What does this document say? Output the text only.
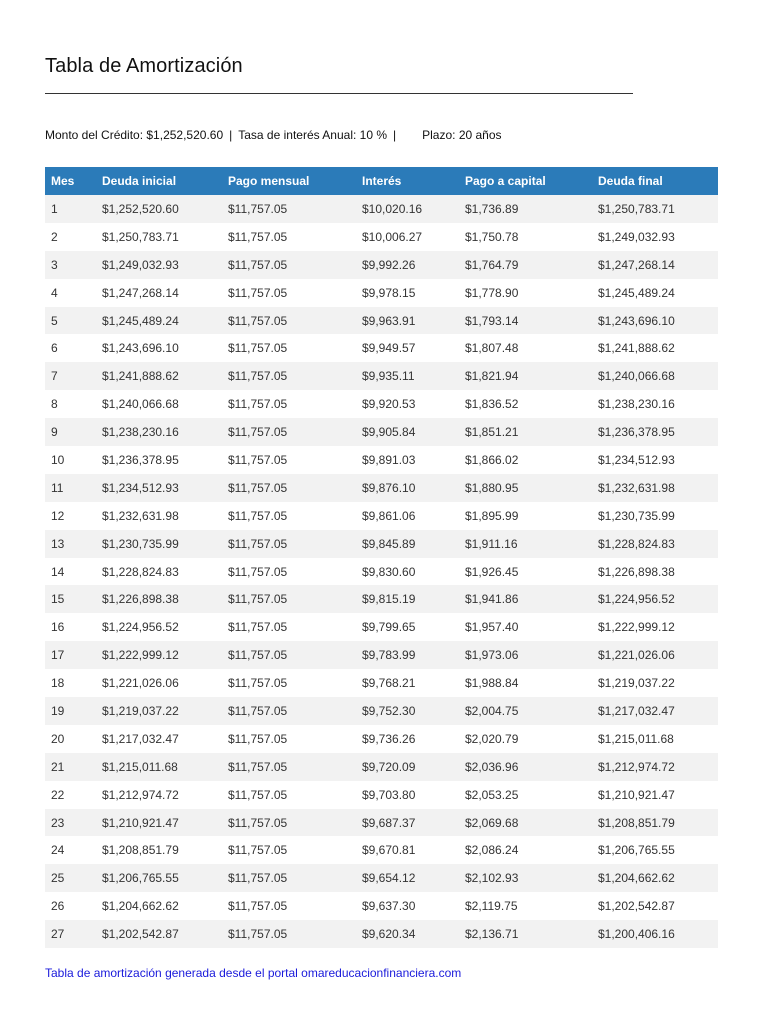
Tabla de Amortización
Monto del Crédito: $1,252,520.60 | Tasa de interés Anual: 10 % | Plazo: 20 años
Mes	Deuda inicial	Pago mensual	Interés	Pago a capital	Deuda final
1	$1,252,520.60	$11,757.05	$10,020.16	$1,736.89	$1,250,783.71
2	$1,250,783.71	$11,757.05	$10,006.27	$1,750.78	$1,249,032.93
3	$1,249,032.93	$11,757.05	$9,992.26	$1,764.79	$1,247,268.14
4	$1,247,268.14	$11,757.05	$9,978.15	$1,778.90	$1,245,489.24
5	$1,245,489.24	$11,757.05	$9,963.91	$1,793.14	$1,243,696.10
6	$1,243,696.10	$11,757.05	$9,949.57	$1,807.48	$1,241,888.62
7	$1,241,888.62	$11,757.05	$9,935.11	$1,821.94	$1,240,066.68
8	$1,240,066.68	$11,757.05	$9,920.53	$1,836.52	$1,238,230.16
9	$1,238,230.16	$11,757.05	$9,905.84	$1,851.21	$1,236,378.95
10	$1,236,378.95	$11,757.05	$9,891.03	$1,866.02	$1,234,512.93
11	$1,234,512.93	$11,757.05	$9,876.10	$1,880.95	$1,232,631.98
12	$1,232,631.98	$11,757.05	$9,861.06	$1,895.99	$1,230,735.99
13	$1,230,735.99	$11,757.05	$9,845.89	$1,911.16	$1,228,824.83
14	$1,228,824.83	$11,757.05	$9,830.60	$1,926.45	$1,226,898.38
15	$1,226,898.38	$11,757.05	$9,815.19	$1,941.86	$1,224,956.52
16	$1,224,956.52	$11,757.05	$9,799.65	$1,957.40	$1,222,999.12
17	$1,222,999.12	$11,757.05	$9,783.99	$1,973.06	$1,221,026.06
18	$1,221,026.06	$11,757.05	$9,768.21	$1,988.84	$1,219,037.22
19	$1,219,037.22	$11,757.05	$9,752.30	$2,004.75	$1,217,032.47
20	$1,217,032.47	$11,757.05	$9,736.26	$2,020.79	$1,215,011.68
21	$1,215,011.68	$11,757.05	$9,720.09	$2,036.96	$1,212,974.72
22	$1,212,974.72	$11,757.05	$9,703.80	$2,053.25	$1,210,921.47
23	$1,210,921.47	$11,757.05	$9,687.37	$2,069.68	$1,208,851.79
24	$1,208,851.79	$11,757.05	$9,670.81	$2,086.24	$1,206,765.55
25	$1,206,765.55	$11,757.05	$9,654.12	$2,102.93	$1,204,662.62
26	$1,204,662.62	$11,757.05	$9,637.30	$2,119.75	$1,202,542.87
27	$1,202,542.87	$11,757.05	$9,620.34	$2,136.71	$1,200,406.16
Tabla de amortización generada desde el portal omareducacionfinanciera.com
